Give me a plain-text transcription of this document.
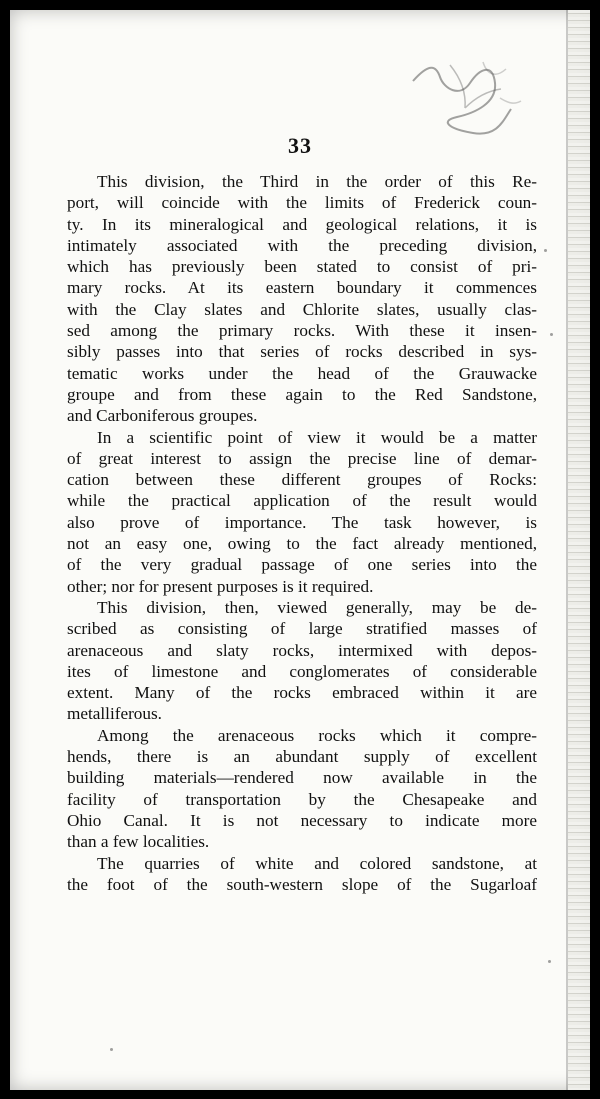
33

This division, the Third in the order of this Re-
port, will coincide with the limits of Frederick coun-
ty. In its mineralogical and geological relations, it is
intimately associated with the preceding division,
which has previously been stated to consist of pri-
mary rocks. At its eastern boundary it commences
with the Clay slates and Chlorite slates, usually clas-
sed among the primary rocks. With these it insen-
sibly passes into that series of rocks described in sys-
tematic works under the head of the Grauwacke
groupe and from these again to the Red Sandstone,
and Carboniferous groupes.

In a scientific point of view it would be a matter
of great interest to assign the precise line of demar-
cation between these different groupes of Rocks:
while the practical application of the result would
also prove of importance. The task however, is
not an easy one, owing to the fact already mentioned,
of the very gradual passage of one series into the
other; nor for present purposes is it required.

This division, then, viewed generally, may be de-
scribed as consisting of large stratified masses of
arenaceous and slaty rocks, intermixed with depos-
ites of limestone and conglomerates of considerable
extent. Many of the rocks embraced within it are
metalliferous.

Among the arenaceous rocks which it compre-
hends, there is an abundant supply of excellent
building materials—rendered now available in the
facility of transportation by the Chesapeake and
Ohio Canal. It is not necessary to indicate more
than a few localities.

The quarries of white and colored sandstone, at
the foot of the south-western slope of the Sugarloaf
